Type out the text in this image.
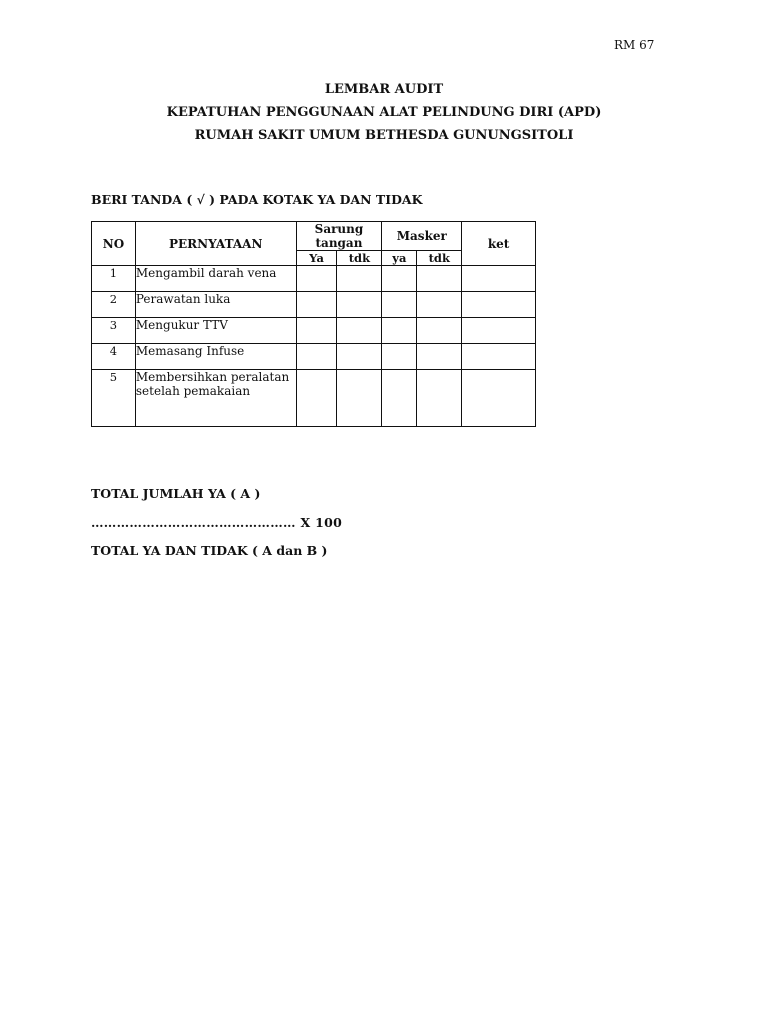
RM 67
LEMBAR AUDIT
KEPATUHAN PENGGUNAAN ALAT PELINDUNG DIRI (APD)
RUMAH SAKIT UMUM BETHESDA GUNUNGSITOLI
BERI TANDA ( √ ) PADA KOTAK YA DAN TIDAK
NO	PERNYATAAN	Sarung tangan		Masker		ket
		Ya	tdk	ya	tdk	
1	Mengambil darah vena					
2	Perawatan luka					
3	Mengukur TTV					
4	Memasang Infuse					
5	Membersihkan peralatan setelah pemakaian					
TOTAL JUMLAH YA ( A )
………………………………………… X 100
TOTAL YA DAN TIDAK ( A dan B )
